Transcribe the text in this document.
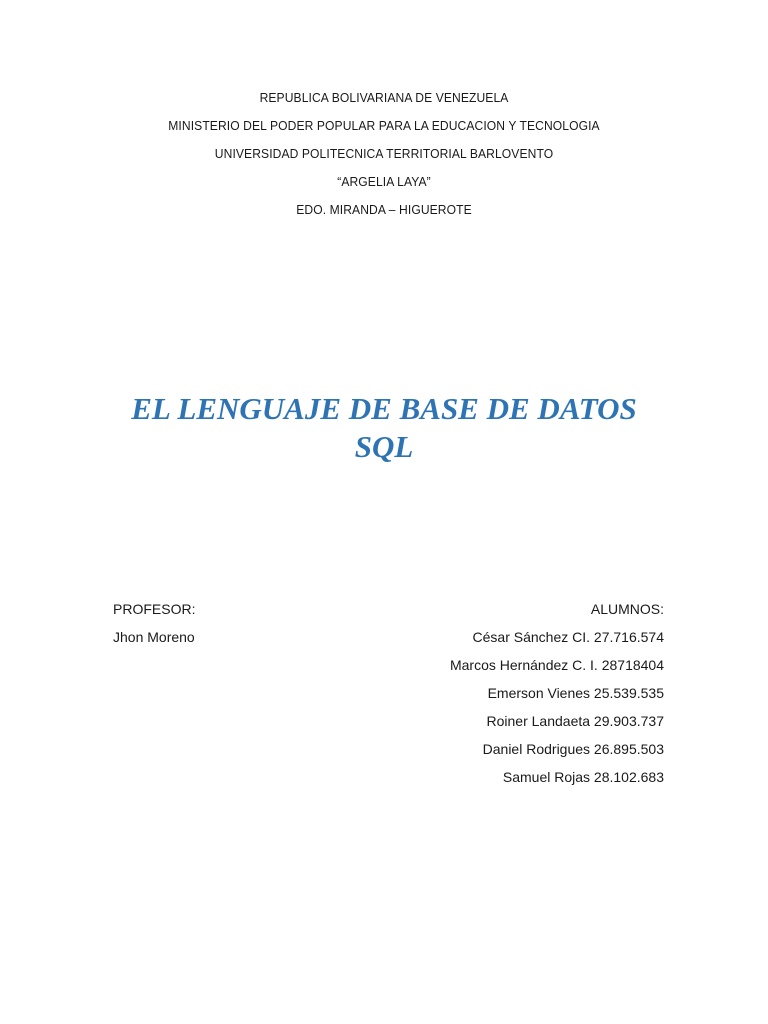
REPUBLICA BOLIVARIANA DE VENEZUELA
MINISTERIO DEL PODER POPULAR PARA LA EDUCACION Y TECNOLOGIA
UNIVERSIDAD POLITECNICA TERRITORIAL BARLOVENTO
“ARGELIA LAYA”
EDO. MIRANDA – HIGUEROTE
EL LENGUAJE DE BASE DE DATOS
SQL
PROFESOR:
Jhon Moreno
ALUMNOS:
César Sánchez CI. 27.716.574
Marcos Hernández C. I. 28718404
Emerson Vienes 25.539.535
Roiner Landaeta 29.903.737
Daniel Rodrigues 26.895.503
Samuel Rojas 28.102.683
